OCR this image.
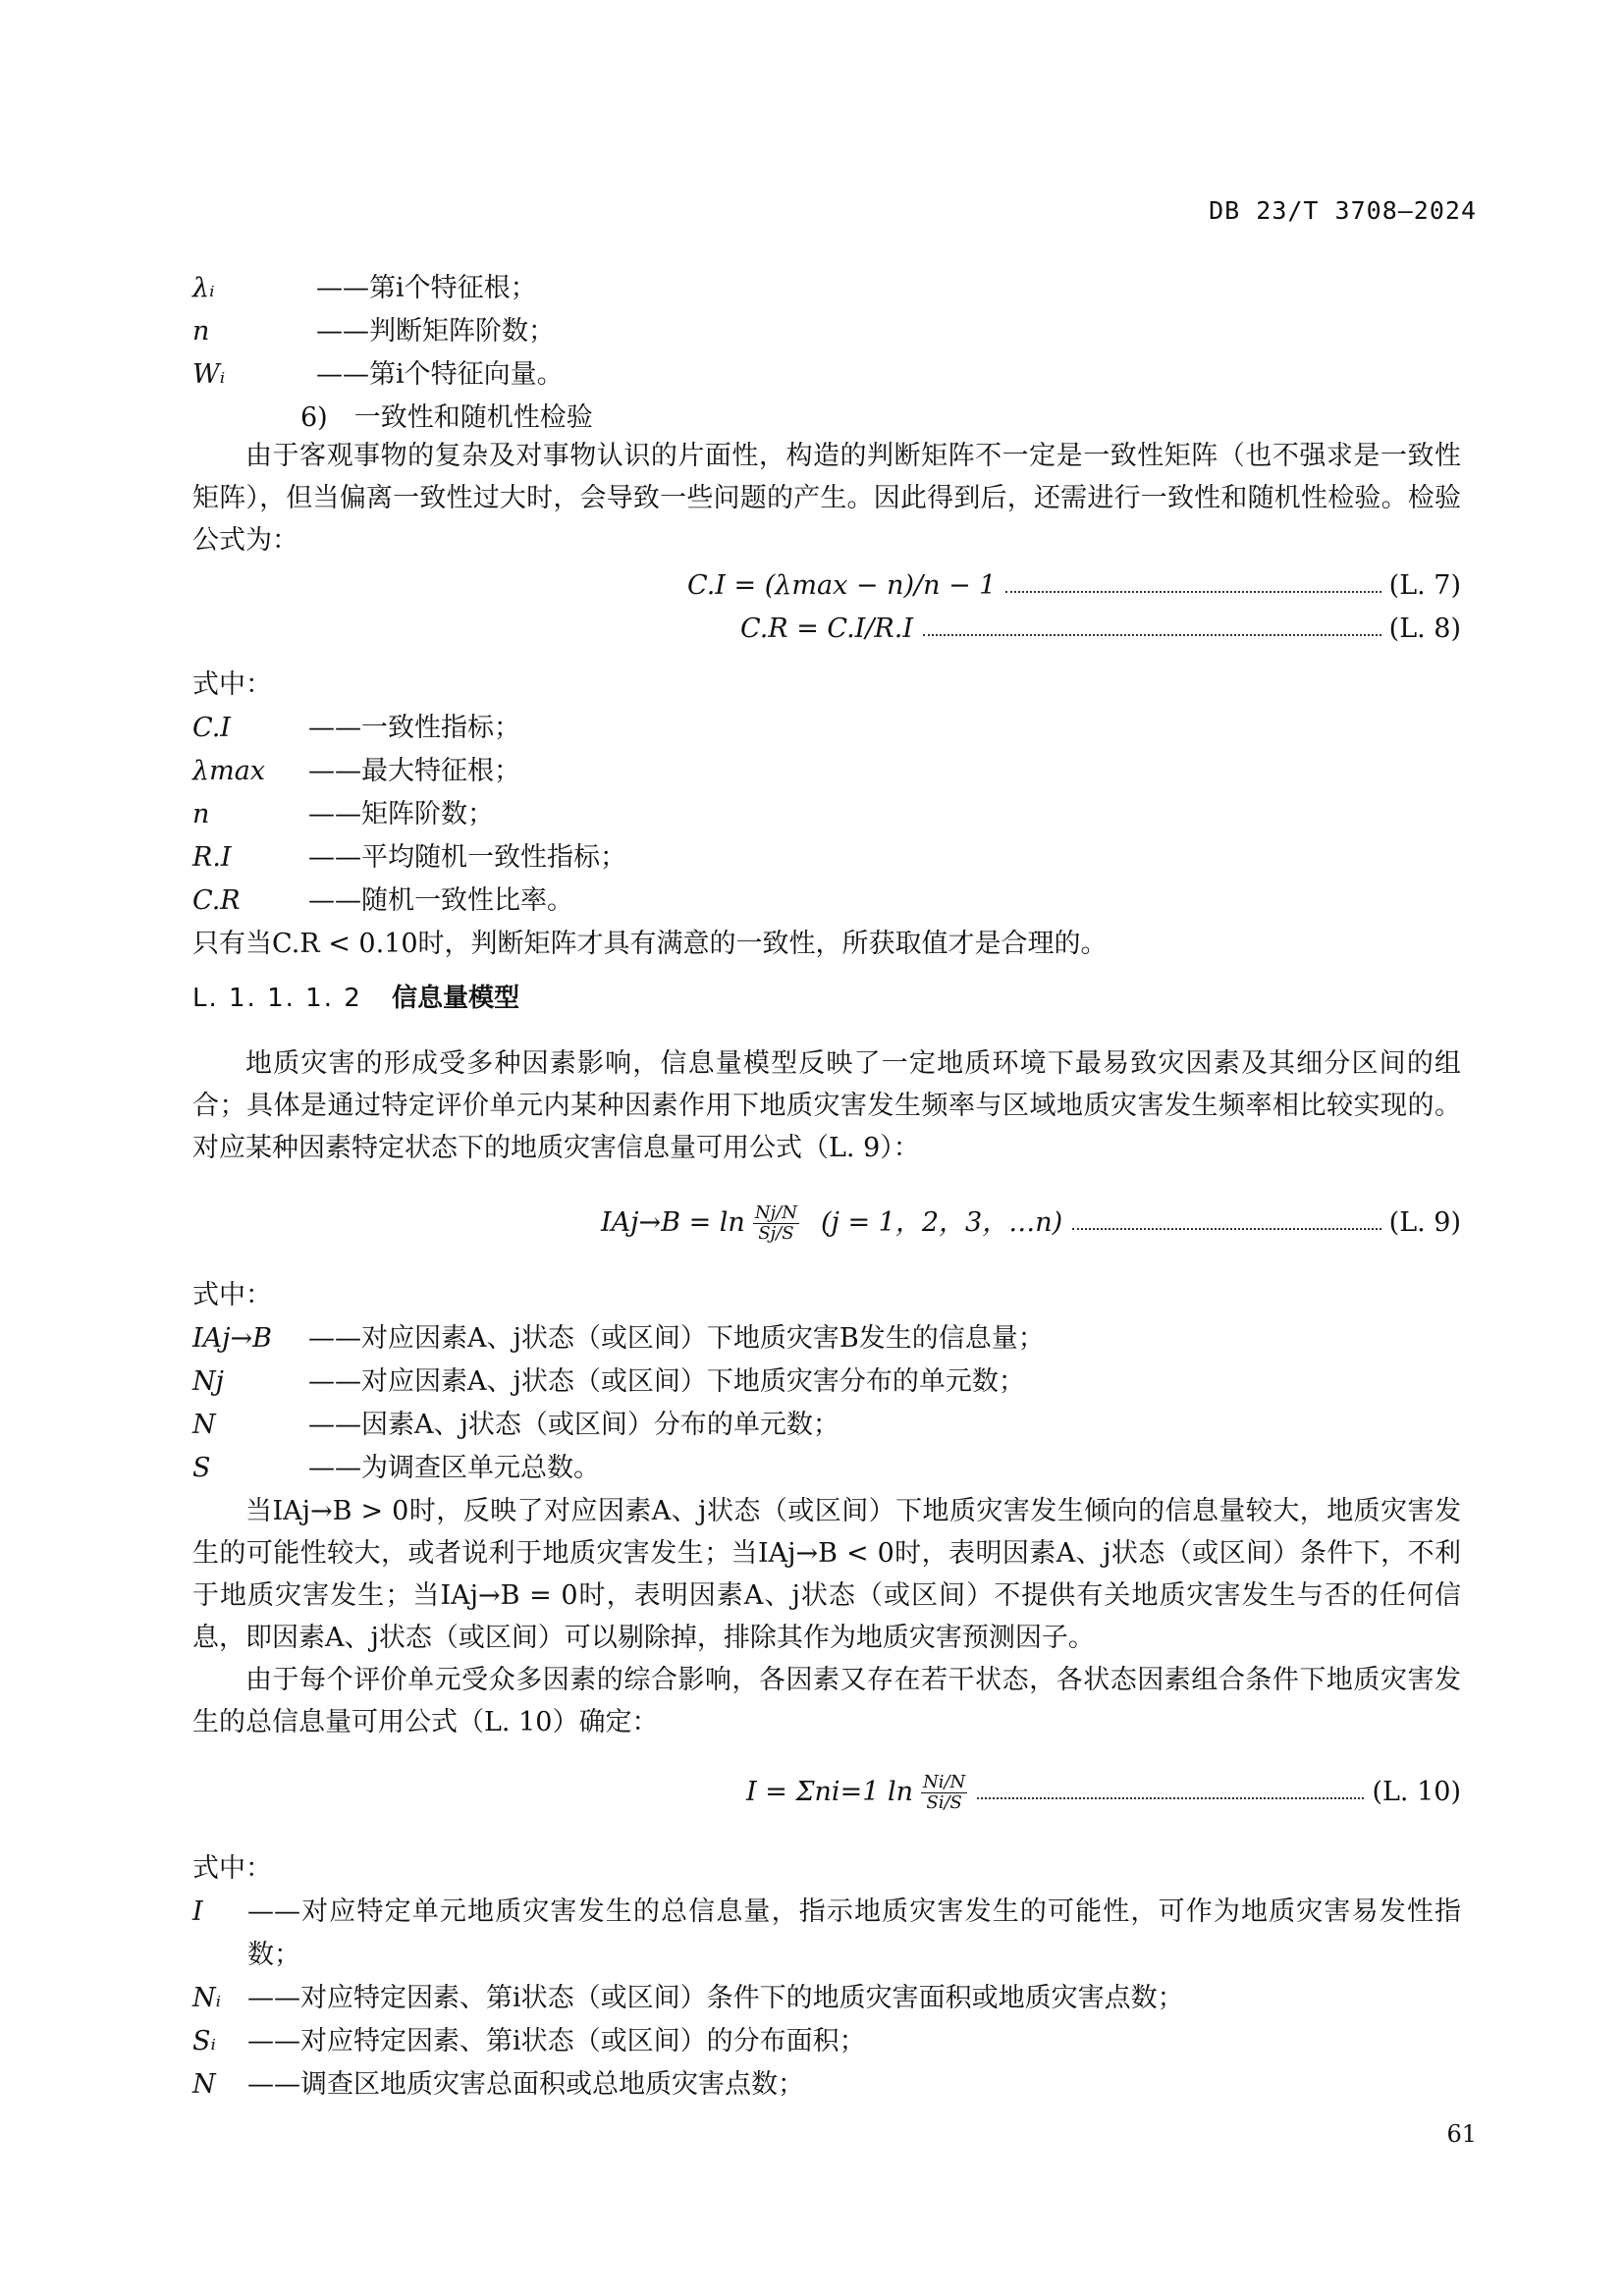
DB 23/T 3708—2024
λᵢ	——第i个特征根；
n	——判断矩阵阶数；
Wᵢ	——第i个特征向量。
6)　一致性和随机性检验

由于客观事物的复杂及对事物认识的片面性，构造的判断矩阵不一定是一致性矩阵（也不强求是一致性矩阵），但当偏离一致性过大时，会导致一些问题的产生。因此得到后，还需进行一致性和随机性检验。检验公式为：

C.I = (λmax − n)/n − 1	(L. 7)
C.R = C.I/R.I	(L. 8)
式中：
C.I	——一致性指标；
λmax ——最大特征根；
n	——矩阵阶数；
R.I	——平均随机一致性指标；
C.R	——随机一致性比率。
只有当C.R < 0.10时，判断矩阵才具有满意的一致性，所获取值才是合理的。
L. 1. 1. 1. 2 信息量模型

地质灾害的形成受多种因素影响，信息量模型反映了一定地质环境下最易致灾因素及其细分区间的组合；具体是通过特定评价单元内某种因素作用下地质灾害发生频率与区域地质灾害发生频率相比较实现的。对应某种因素特定状态下的地质灾害信息量可用公式（L. 9）：

$IAj\to B = \ln \frac{Nj/N}{Sj/S} (j = 1$，2，3，…n)	(L. 9)
式中：
IAj→B ——对应因素A、j状态（或区间）下地质灾害B发生的信息量；
Nj	——对应因素A、j状态（或区间）下地质灾害分布的单元数；
N	——因素A、j状态（或区间）分布的单元数；
S	——为调查区单元总数。

当IAj→B > 0时，反映了对应因素A、j状态（或区间）下地质灾害发生倾向的信息量较大，地质灾害发生的可能性较大，或者说利于地质灾害发生；当IAj→B < 0时，表明因素A、j状态（或区间）条件下，不利于地质灾害发生；当IAj→B = 0时，表明因素A、j状态（或区间）不提供有关地质灾害发生与否的任何信息，即因素A、j状态（或区间）可以剔除掉，排除其作为地质灾害预测因子。

由于每个评价单元受众多因素的综合影响，各因素又存在若干状态，各状态因素组合条件下地质灾害发生的总信息量可用公式（L. 10）确定：

I = Σni=1 $\ln \frac{Ni/N}{Si/S}$	(L. 10)
式中：
I ——对应特定单元地质灾害发生的总信息量，指示地质灾害发生的可能性，可作为地质灾害易发性指数；
Nᵢ ——对应特定因素、第i状态（或区间）条件下的地质灾害面积或地质灾害点数；
Sᵢ ——对应特定因素、第i状态（或区间）的分布面积；
N ——调查区地质灾害总面积或总地质灾害点数；
61
